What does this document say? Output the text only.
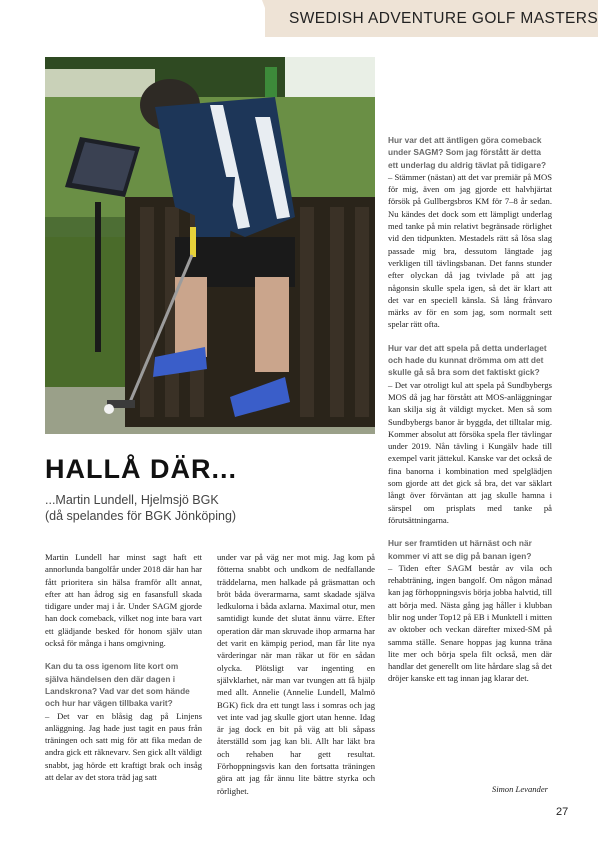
SWEDISH ADVENTURE GOLF MASTERS
HALLÅ DÄR...
...Martin Lundell, Hjelmsjö BGK
(då spelandes för BGK Jönköping)

Martin Lundell har minst sagt haft ett annorlunda bangolfår under 2018 där han har fått prioritera sin hälsa framför allt annat, efter att han ådrog sig en fasansfull skada tidigare under maj i år. Under SAGM gjorde han dock comeback, vilket nog inte bara vart ett glädjande besked för honom själv utan också för många i hans omgivning.

Kan du ta oss igenom lite kort om själva händelsen den där dagen i Landskrona? Vad var det som hände och hur har vägen tillbaka varit?

– Det var en blåsig dag på Linjens anläggning. Jag hade just tagit en paus från träningen och satt mig för att fika medan de andra gick ett räknevarv. Sen gick allt väldigt snabbt, jag hörde ett kraftigt brak och insåg att delar av det stora träd jag satt

under var på väg ner mot mig. Jag kom på fötterna snabbt och undkom de nedfallande träddelarna, men halkade på gräsmattan och bröt båda överarmarna, samt skadade själva ledkulorna i båda axlarna. Maximal otur, men samtidigt kunde det slutat ännu värre. Efter operation där man skruvade ihop armarna har det varit en kämpig period, man får lite nya värderingar när man räkar ut för en sådan olycka. Plötsligt var ingenting en självklarhet, när man var tvungen att få hjälp med allt. Annelie (Annelie Lundell, Malmö BGK) fick dra ett tungt lass i somras och jag vet inte vad jag skulle gjort utan henne. Idag är jag dock en bit på väg att bli såpass återställd som jag kan bli. Allt har läkt bra och rehaben har gett resultat. Förhoppningsvis kan den fortsatta träningen göra att jag får ännu lite bättre styrka och rörlighet.

Hur var det att äntligen göra comeback under SAGM? Som jag förstått är detta ett underlag du aldrig tävlat på tidigare?

– Stämmer (nästan) att det var premiär på MOS för mig, även om jag gjorde ett halvhjärtat försök på Gullbergsbros KM för 7–8 år sedan. Nu kändes det dock som ett lämpligt underlag med tanke på min relativt begränsade rörlighet vid den tidpunkten. Mestadels rätt så lösa slag passade mig bra, dessutom längtade jag verkligen till tävlingsbanan. Det fanns stunder efter olyckan då jag tvivlade på att jag någonsin skulle spela igen, så det är klart att det var en speciell känsla. Så lång frånvaro märks av för en som jag, som normalt sett spelar rätt ofta.

Hur var det att spela på detta underlaget och hade du kunnat drömma om att det skulle gå så bra som det faktiskt gick?

– Det var otroligt kul att spela på Sundbybergs MOS då jag har förstått att MOS-anläggningar kan skilja sig åt väldigt mycket. Men så som Sundbybergs banor är byggda, det tilltalar mig. Kommer absolut att försöka spela fler tävlingar under 2019. Nån tävling i Kungälv hade till exempel varit jättekul. Kanske var det också de fina banorna i kombination med spelglädjen som gjorde att det gick så bra, det var säklart långt över förväntan att jag skulle hamna i särspel om prisplats med tanke på förutsättningarna.

Hur ser framtiden ut härnäst och när kommer vi att se dig på banan igen?

– Tiden efter SAGM består av vila och rehabträning, ingen bangolf. Om någon månad kan jag förhoppningsvis börja jobba halvtid, till att börja med. Nästa gång jag håller i klubban blir nog under Top12 på EB i Munktell i mitten av oktober och veckan därefter mixed-SM på samma ställe. Senare hoppas jag kunna träna lite mer och börja spela filt också, men där handlar det generellt om lite hårdare slag så det dröjer kanske ett tag innan jag klarar det.

Simon Levander
27
